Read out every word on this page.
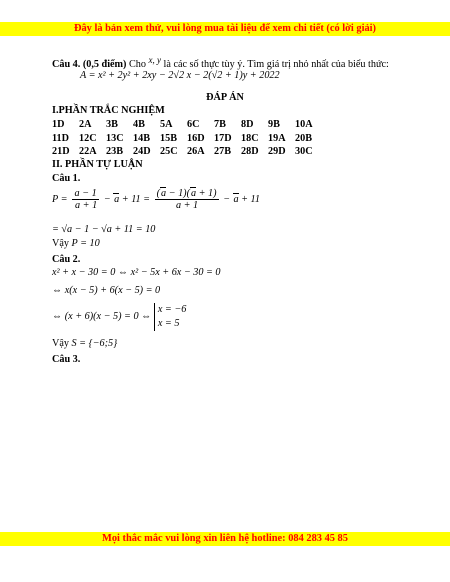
Đây là bản xem thử, vui lòng mua tài liệu để xem chi tiết (có lời giải)
Câu 4. (0,5 điểm) Cho x, y là các số thực tùy ý. Tìm giá trị nhỏ nhất của biểu thức:
A = x² + 2y² + 2xy − 2√2 x − 2(√2 + 1)y + 2022
ĐÁP ÁN
I.PHẦN TRẮC NGHIỆM
1D	2A	3B	4B	5A	6C	7B	8D	9B	10A
11D 12C 13C 14B 15B 16D 17D 18C 19A 20B
21D 22A 23B 24D 25C 26A 27B 28D 29D 30C
II. PHẦN TỰ LUẬN
Câu 1.
$P = \frac{a - 1}{a + 1} - a + 11 = \frac{(a - 1)(a + 1)}{a + 1} - a + 11$
= √a − 1 − √a + 11 = 10
Vậy P = 10
Câu 2.
x² + x − 30 = 0 ⇔ x² − 5x + 6x − 30 = 0
⇔ x(x − 5) + 6(x − 5) = 0
⇔ (x + 6)(x − 5) = 0 ⇔
x = −6
x = 5
Vậy S = {−6;5}
Câu 3.
Mọi thắc mắc vui lòng xin liên hệ hotline: 084 283 45 85
